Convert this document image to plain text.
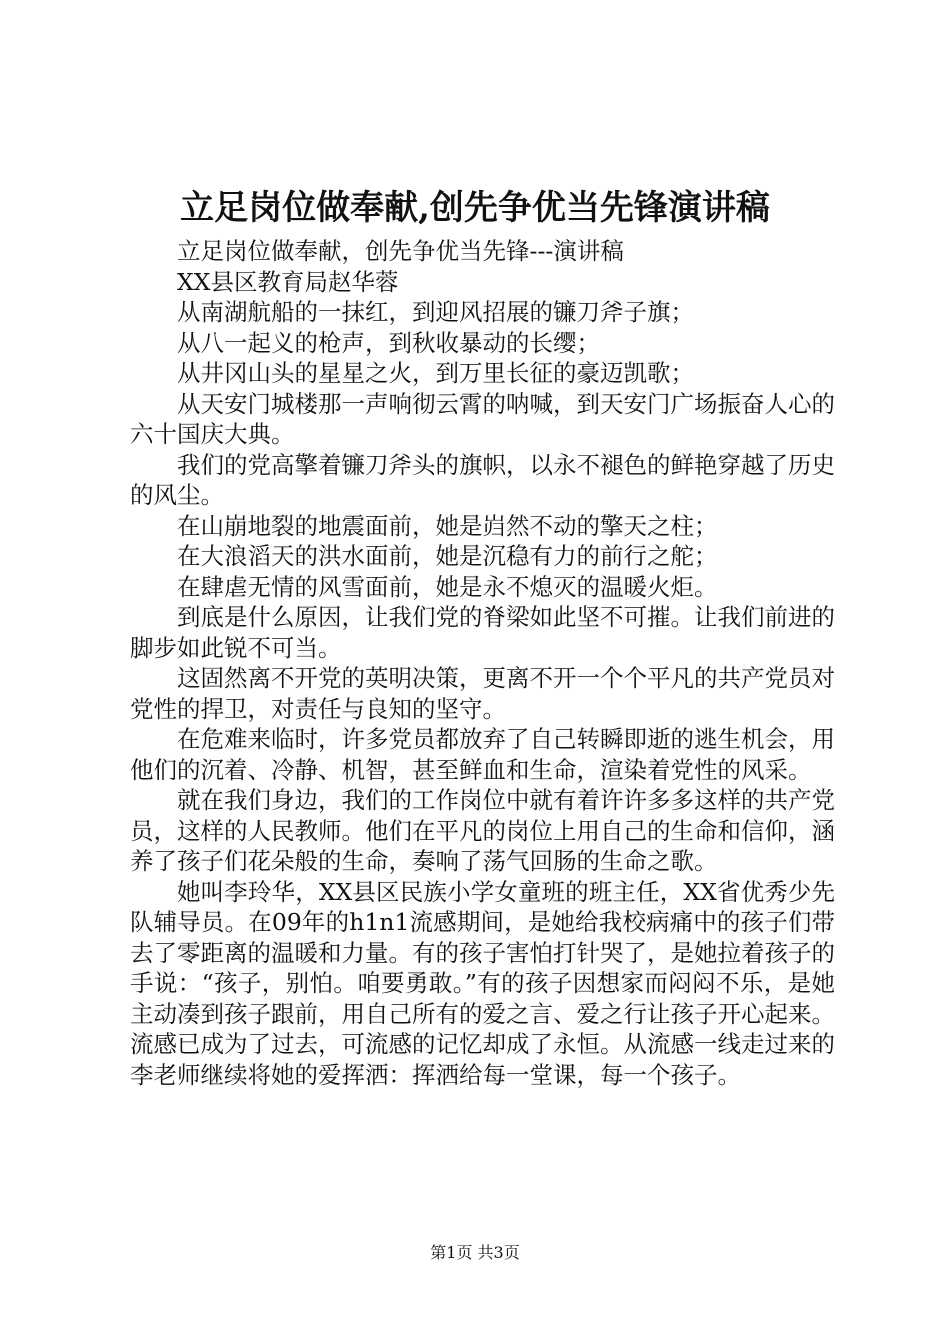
立足岗位做奉献,创先争优当先锋演讲稿

立足岗位做奉献，创先争优当先锋---演讲稿

XX县区教育局赵华蓉

从南湖航船的一抹红，到迎风招展的镰刀斧子旗；

从八一起义的枪声，到秋收暴动的长缨；

从井冈山头的星星之火，到万里长征的豪迈凯歌；

从天安门城楼那一声响彻云霄的呐喊，到天安门广场振奋人心的六十国庆大典。

我们的党高擎着镰刀斧头的旗帜，以永不褪色的鲜艳穿越了历史的风尘。

在山崩地裂的地震面前，她是岿然不动的擎天之柱；

在大浪滔天的洪水面前，她是沉稳有力的前行之舵；

在肆虐无情的风雪面前，她是永不熄灭的温暖火炬。

到底是什么原因，让我们党的脊梁如此坚不可摧。让我们前进的脚步如此锐不可当。

这固然离不开党的英明决策，更离不开一个个平凡的共产党员对党性的捍卫，对责任与良知的坚守。

在危难来临时，许多党员都放弃了自己转瞬即逝的逃生机会，用他们的沉着、冷静、机智，甚至鲜血和生命，渲染着党性的风采。

就在我们身边，我们的工作岗位中就有着许许多多这样的共产党员，这样的人民教师。他们在平凡的岗位上用自己的生命和信仰，涵养了孩子们花朵般的生命，奏响了荡气回肠的生命之歌。

她叫李玲华，XX县区民族小学女童班的班主任，XX省优秀少先队辅导员。在09年的h1n1流感期间，是她给我校病痛中的孩子们带去了零距离的温暖和力量。有的孩子害怕打针哭了，是她拉着孩子的手说：“孩子，别怕。咱要勇敢。”有的孩子因想家而闷闷不乐，是她主动凑到孩子跟前，用自己所有的爱之言、爱之行让孩子开心起来。流感已成为了过去，可流感的记忆却成了永恒。从流感一线走过来的李老师继续将她的爱挥洒：挥洒给每一堂课，每一个孩子。

第1页 共3页
